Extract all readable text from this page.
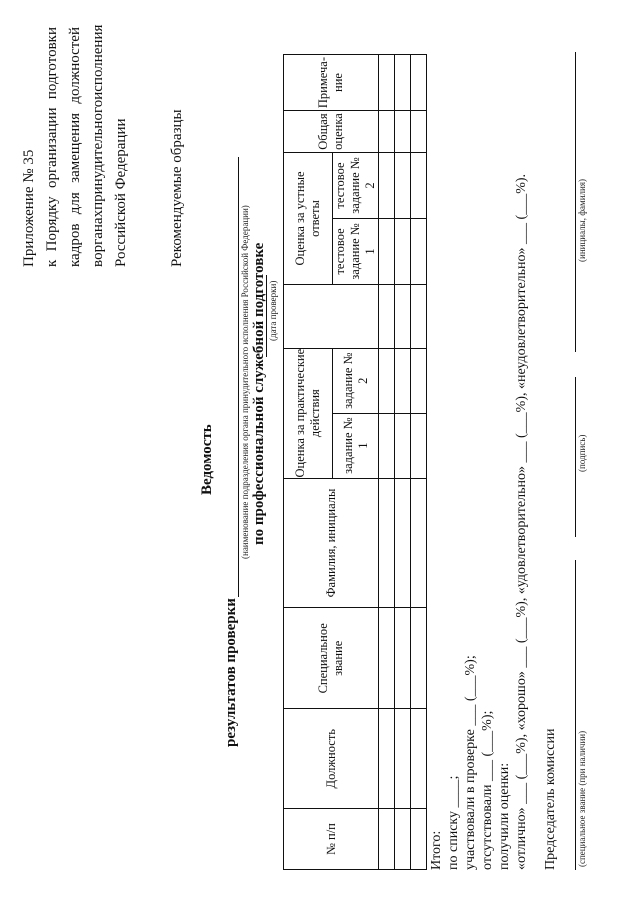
Приложение № 35 к
Порядку
организации
подготовки
кадров
для
замещения
должностей
в
органах
принудительного
исполнения
Российской Федерации	Рекомендуемые образцы
Ведомость
результатов проверки
(наименование подразделения органа принудительного исполнения Российской Федерации) по профессиональной служебной подготовке (дата проверки)
№ п/п	Должность	Специальное звание	Фамилия, инициалы	Оценка за практические действия			Оценка за устные ответы		Общая оценка	Примеча-ние
				задание № 1	задание № 2		тестовое задание № 1	тестовое задание № 2		

Итого: по списку ____; участвовали в проверке ___ (___%); отсутствовали ___ (___%); получили оценки: «отлично» ___ (___%), «хорошо» ___ (___%), «удовлетворительно» ___ (___%), «неудовлетворительно» ___ (___%). Председатель комиссии (специальное звание (при наличии)
(подпись)
(инициалы, фамилия)
